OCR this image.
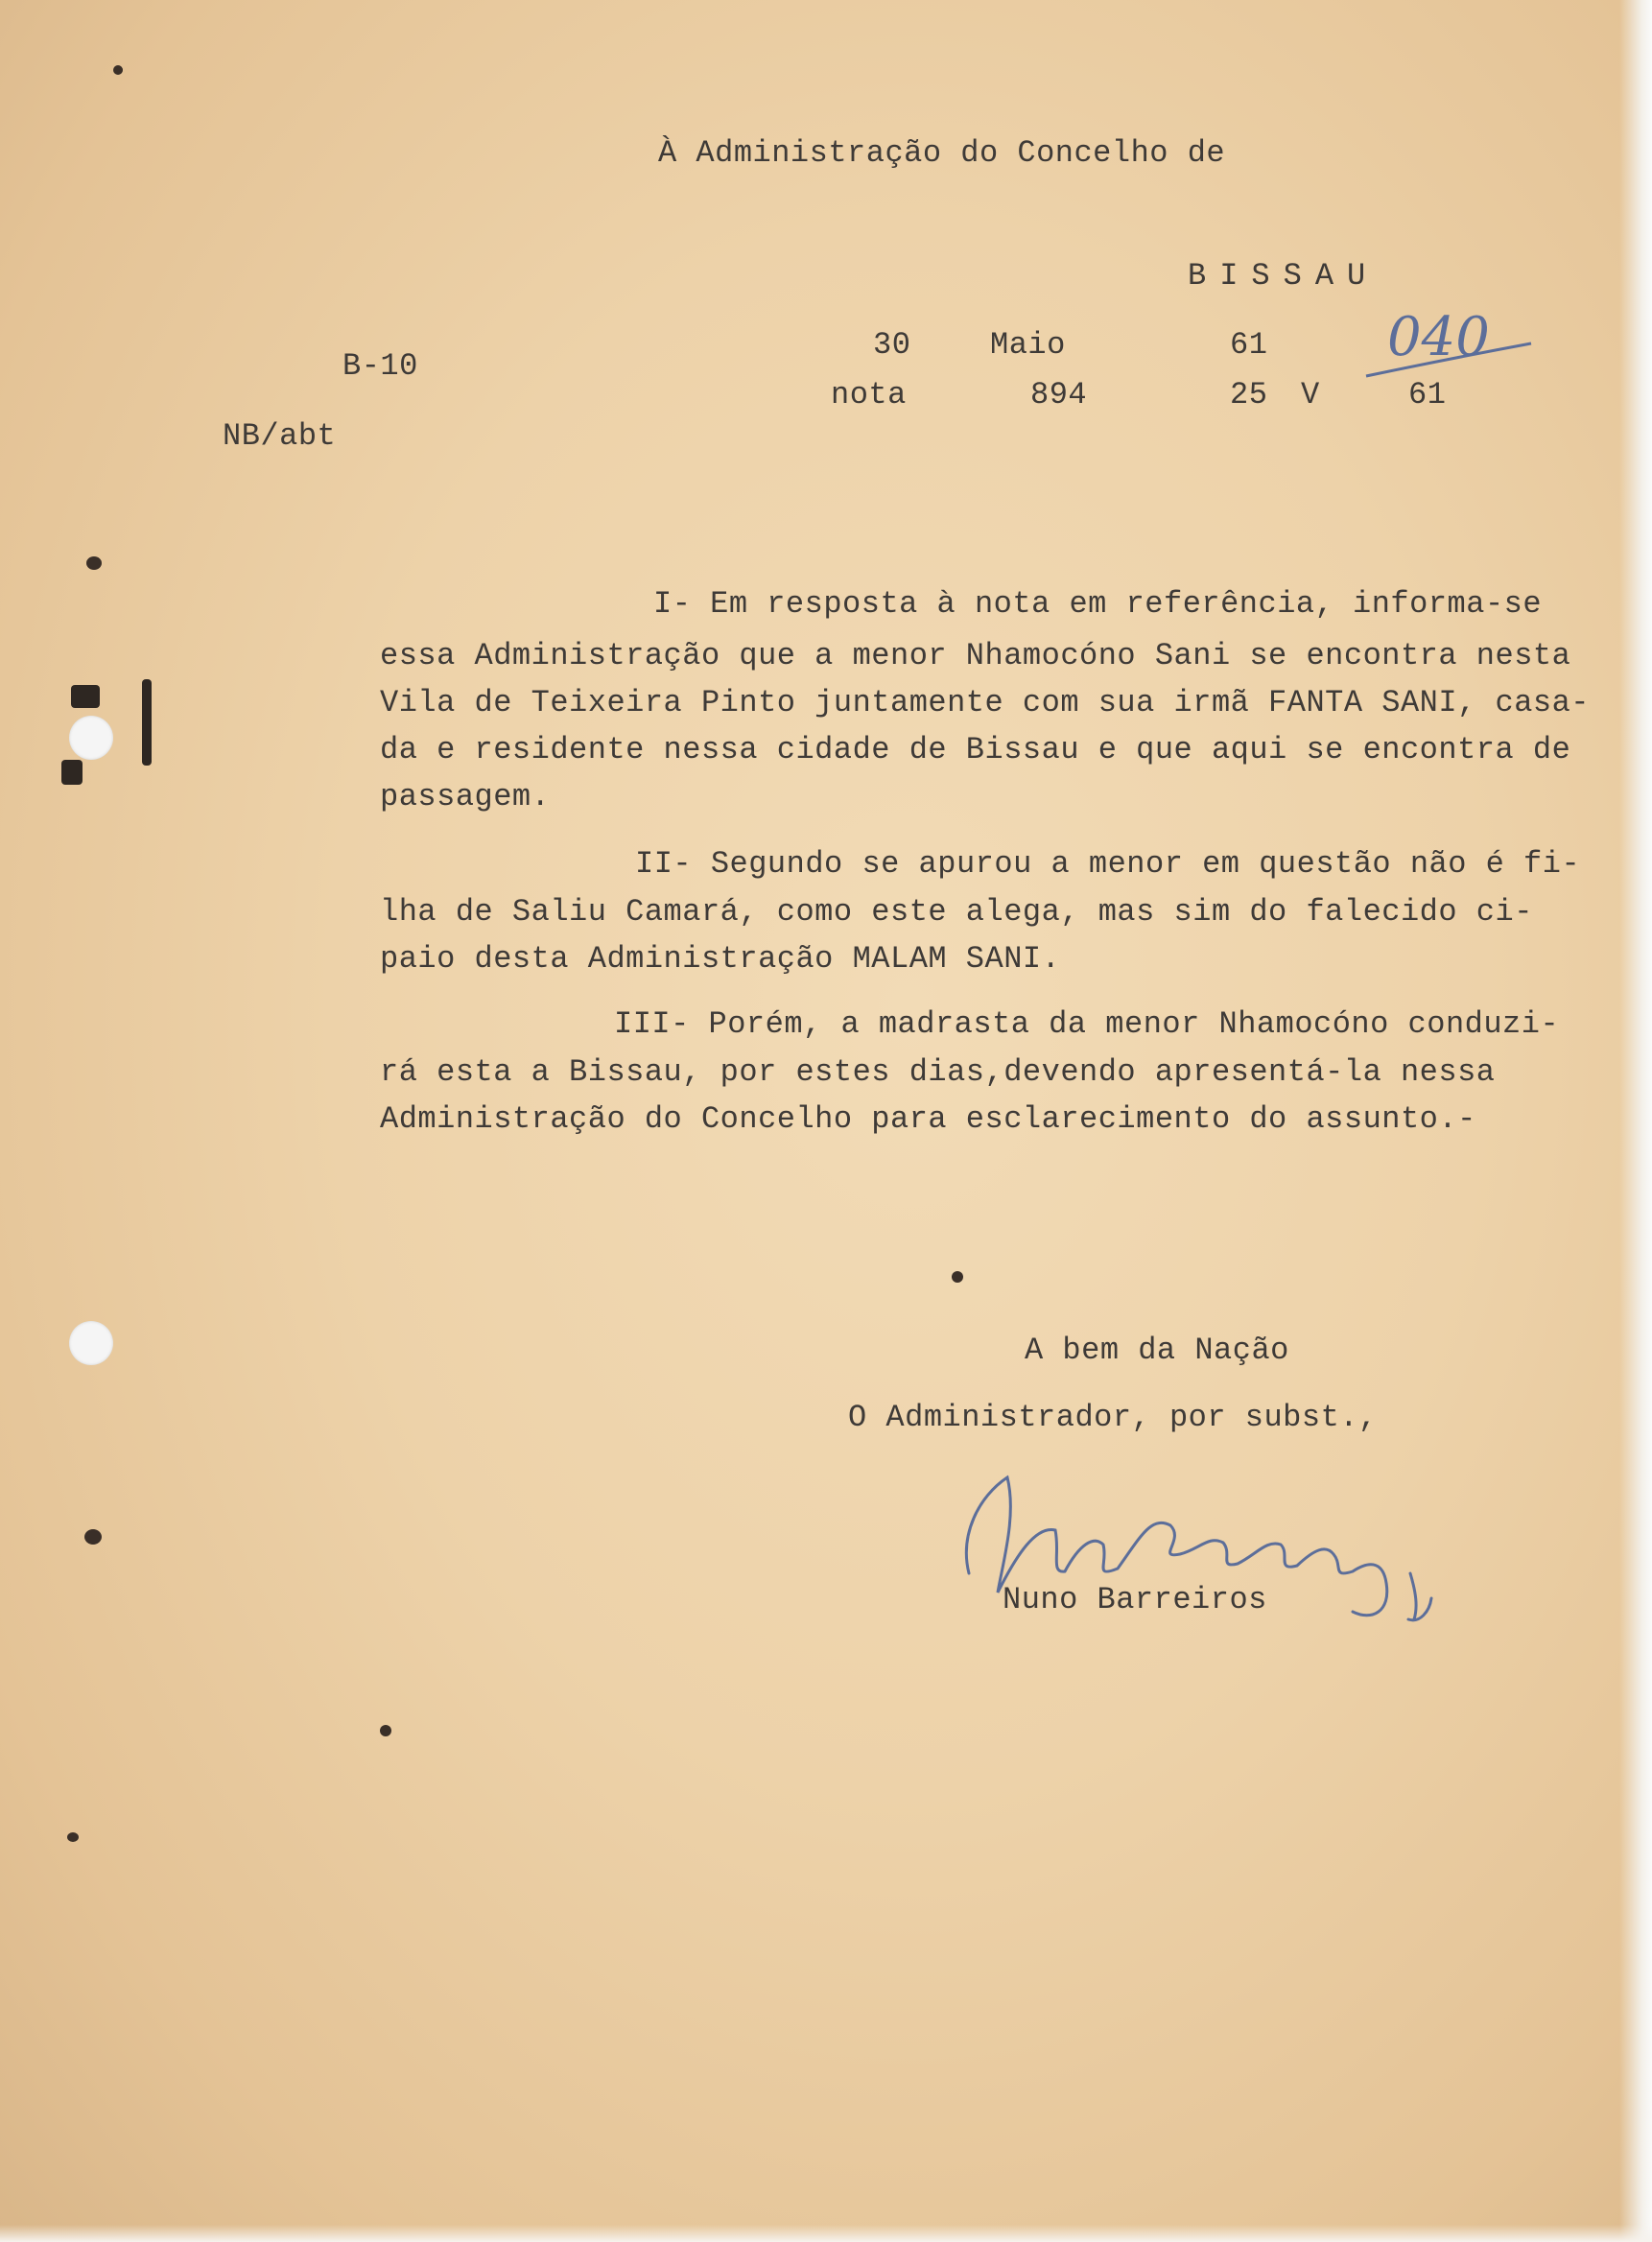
À Administração do Concelho de
BISSAU
B-10
NB/abt
30	Maio	61
nota	894	25 V	61
040
I- Em resposta à nota em referência, informa-se
essa Administração que a menor Nhamocóno Sani se encontra nesta
Vila de Teixeira Pinto juntamente com sua irmã FANTA SANI, casa-
da e residente nessa cidade de Bissau e que aqui se encontra de
passagem.
II- Segundo se apurou a menor em questão não é fi-
lha de Saliu Camará, como este alega, mas sim do falecido ci-
paio desta Administração MALAM SANI.
III- Porém, a madrasta da menor Nhamocóno conduzi-
rá esta a Bissau, por estes dias,devendo apresentá-la nessa
Administração do Concelho para esclarecimento do assunto.-
A bem da Nação
O Administrador, por subst.,
Nuno Barreiros
